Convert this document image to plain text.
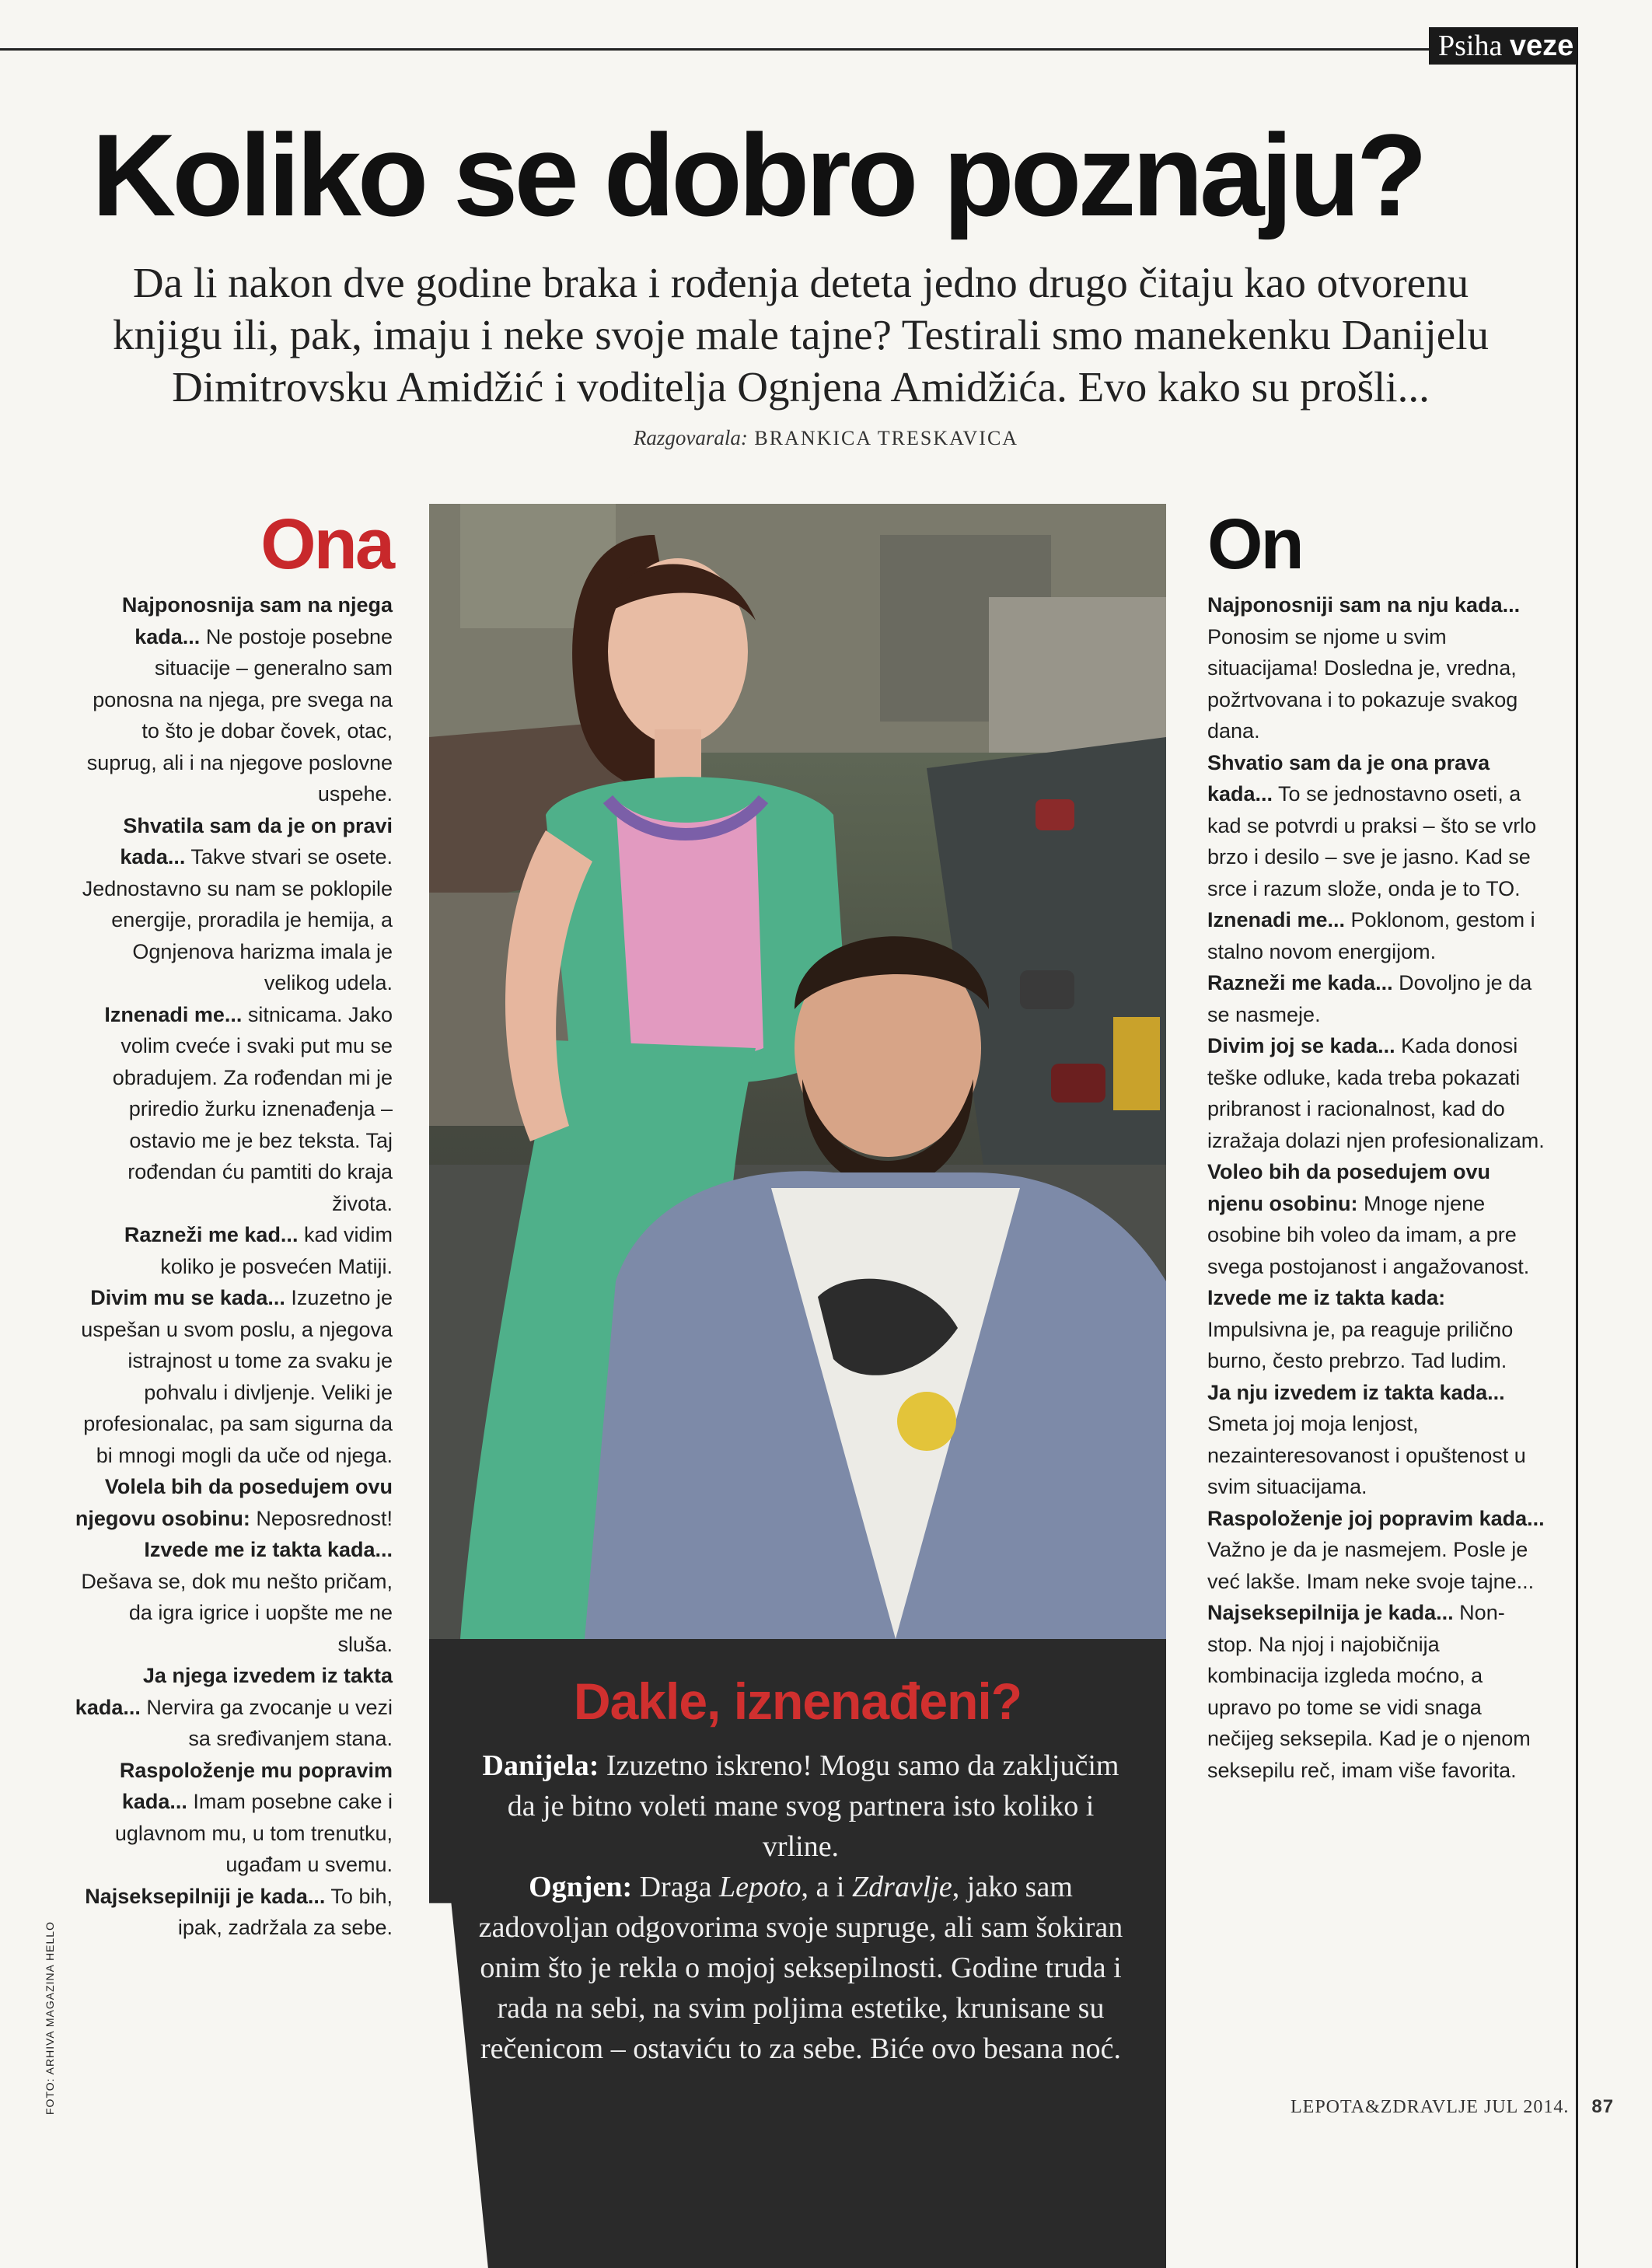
Psiha veze
Koliko se dobro poznaju?
Da li nakon dve godine braka i rođenja deteta jedno drugo čitaju kao otvorenu knjigu ili, pak, imaju i neke svoje male tajne? Testirali smo manekenku Danijelu Dimitrovsku Amidžić i voditelja Ognjena Amidžića. Evo kako su prošli...
Razgovarala: BRANKICA TRESKAVICA
Ona

Najponosnija sam na njega kada... Ne postoje posebne situacije – generalno sam ponosna na njega, pre svega na to što je dobar čovek, otac, suprug, ali i na njegove poslovne uspehe.

Shvatila sam da je on pravi kada... Takve stvari se osete. Jednostavno su nam se poklopile energije, proradila je hemija, a Ognjenova harizma imala je velikog udela.

Iznenadi me... sitnicama. Jako volim cveće i svaki put mu se obradujem. Za rođendan mi je priredio žurku iznenađenja – ostavio me je bez teksta. Taj rođendan ću pamtiti do kraja života.

Razneži me kad... kad vidim koliko je posvećen Matiji.

Divim mu se kada... Izuzetno je uspešan u svom poslu, a njegova istrajnost u tome za svaku je pohvalu i divljenje. Veliki je profesionalac, pa sam sigurna da bi mnogi mogli da uče od njega.

Volela bih da posedujem ovu njegovu osobinu: Neposrednost!

Izvede me iz takta kada... Dešava se, dok mu nešto pričam, da igra igrice i uopšte me ne sluša.

Ja njega izvedem iz takta kada... Nervira ga zvocanje u vezi sa sređivanjem stana.

Raspoloženje mu popravim kada... Imam posebne cake i uglavnom mu, u tom trenutku, ugađam u svemu.

Najseksepilniji je kada... To bih, ipak, zadržala za sebe.

Dakle, iznenađeni?

Danijela: Izuzetno iskreno! Mogu samo da zaključim da je bitno voleti mane svog partnera isto koliko i vrline.

Ognjen: Draga Lepoto, a i Zdravlje, jako sam zadovoljan odgovorima svoje supruge, ali sam šokiran onim što je rekla o mojoj seksepilnosti. Godine truda i rada na sebi, na svim poljima estetike, krunisane su rečenicom – ostaviću to za sebe. Biće ovo besana noć.

On

Najponosniji sam na nju kada... Ponosim se njome u svim situacijama! Dosledna je, vredna, požrtvovana i to pokazuje svakog dana.

Shvatio sam da je ona prava kada... To se jednostavno oseti, a kad se potvrdi u praksi – što se vrlo brzo i desilo – sve je jasno. Kad se srce i razum slože, onda je to TO.

Iznenadi me... Poklonom, gestom i stalno novom energijom.

Razneži me kada... Dovoljno je da se nasmeje.

Divim joj se kada... Kada donosi teške odluke, kada treba pokazati pribranost i racionalnost, kad do izražaja dolazi njen profesionalizam.

Voleo bih da posedujem ovu njenu osobinu: Mnoge njene osobine bih voleo da imam, a pre svega postojanost i angažovanost.

Izvede me iz takta kada: Impulsivna je, pa reaguje prilično burno, često prebrzo. Tad ludim.

Ja nju izvedem iz takta kada... Smeta joj moja lenjost, nezainteresovanost i opuštenost u svim situacijama.

Raspoloženje joj popravim kada... Važno je da je nasmejem. Posle je već lakše. Imam neke svoje tajne...

Najseksepilnija je kada... Non-stop. Na njoj i najobičnija kombinacija izgleda moćno, a upravo po tome se vidi snaga nečijeg seksepila. Kad je o njenom seksepilu reč, imam više favorita.

FOTO: ARHIVA MAGAZINA HELLO	LEPOTA&ZDRAVLJE JUL 2014. 87
